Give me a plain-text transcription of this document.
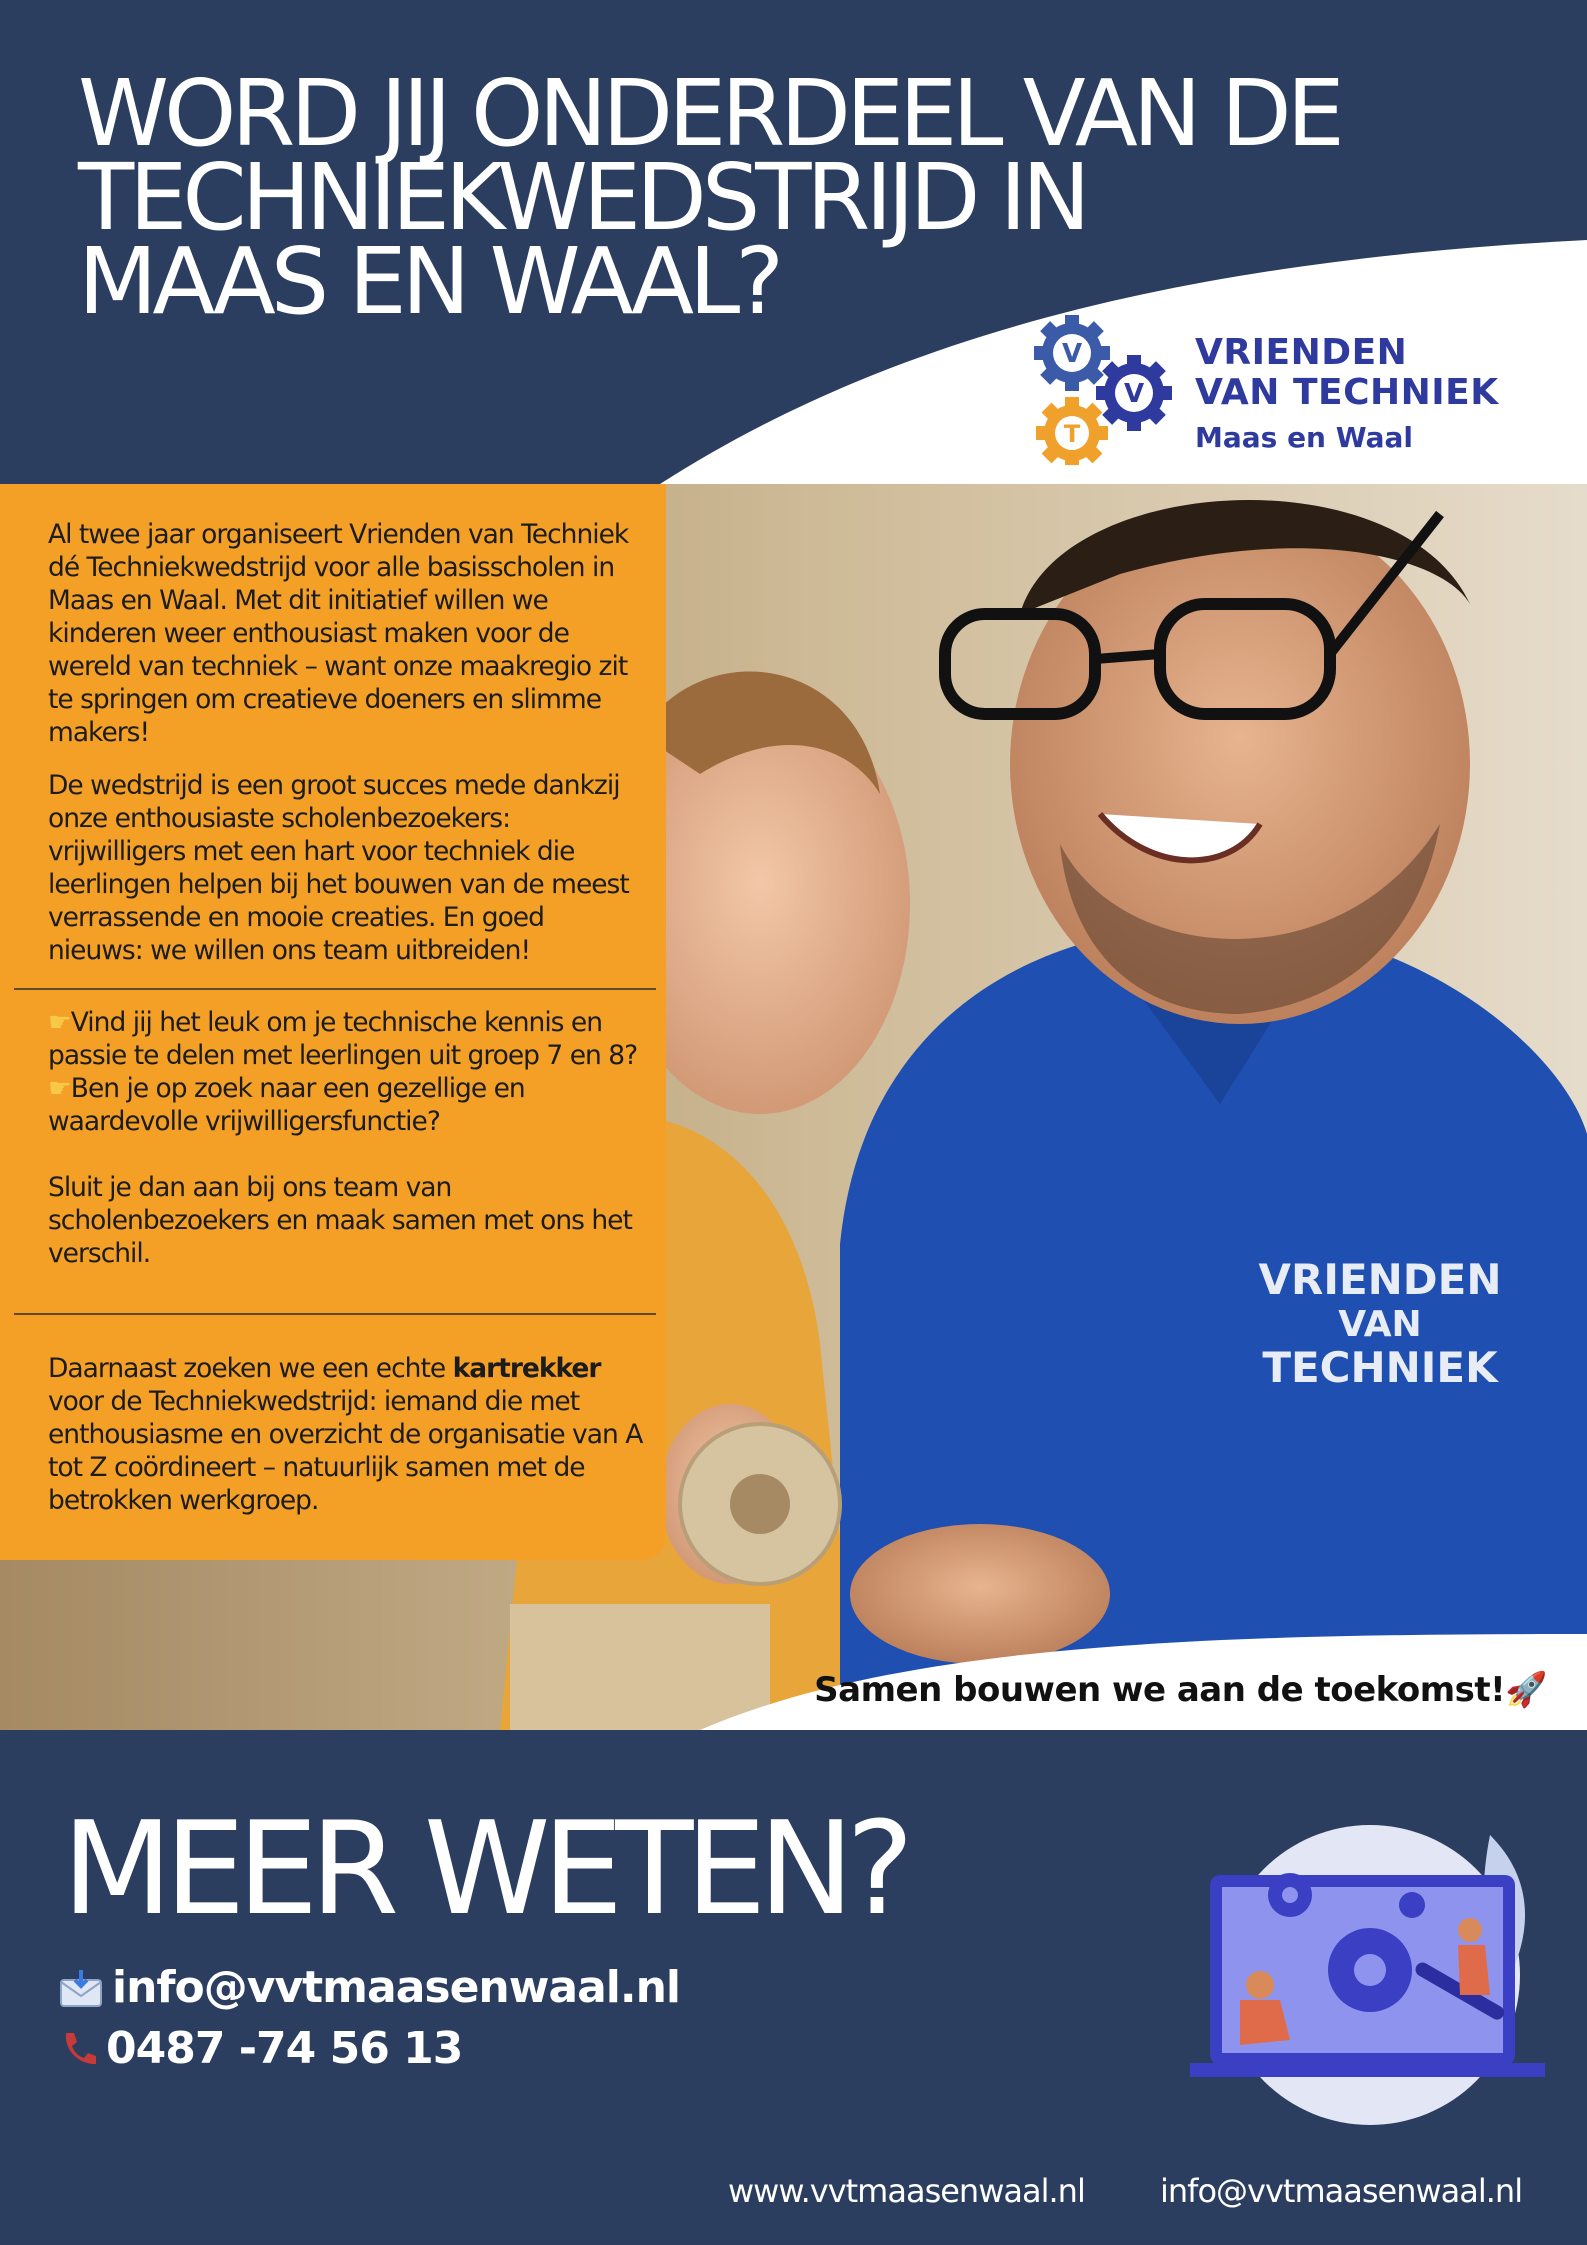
WORD JIJ ONDERDEEL VAN DE
TECHNIEKWEDSTRIJD IN
MAAS EN WAAL?
V
V
T
VRIENDEN
VAN TECHNIEK
Maas en Waal
VRIENDEN
VAN
TECHNIEK
Samen bouwen we aan de toekomst!🚀

Al twee jaar organiseert Vrienden van Techniek dé Techniekwedstrijd voor alle basisscholen in Maas en Waal. Met dit initiatief willen we kinderen weer enthousiast maken voor de wereld van techniek – want onze maakregio zit te springen om creatieve doeners en slimme makers!

De wedstrijd is een groot succes mede dankzij onze enthousiaste scholenbezoekers: vrijwilligers met een hart voor techniek die leerlingen helpen bij het bouwen van de meest verrassende en mooie creaties. En goed nieuws: we willen ons team uitbreiden!

☛Vind jij het leuk om je technische kennis en passie te delen met leerlingen uit groep 7 en 8?
☛Ben je op zoek naar een gezellige en waardevolle vrijwilligersfunctie?
Sluit je dan aan bij ons team van scholenbezoekers en maak samen met ons het verschil.
Daarnaast zoeken we een echte kartrekker voor de Techniekwedstrijd: iemand die met enthousiasme en overzicht de organisatie van A tot Z coördineert – natuurlijk samen met de betrokken werkgroep.
MEER WETEN?
info@vvtmaasenwaal.nl
0487 -74 56 13
www.vvtmaasenwaal.nl info@vvtmaasenwaal.nl
